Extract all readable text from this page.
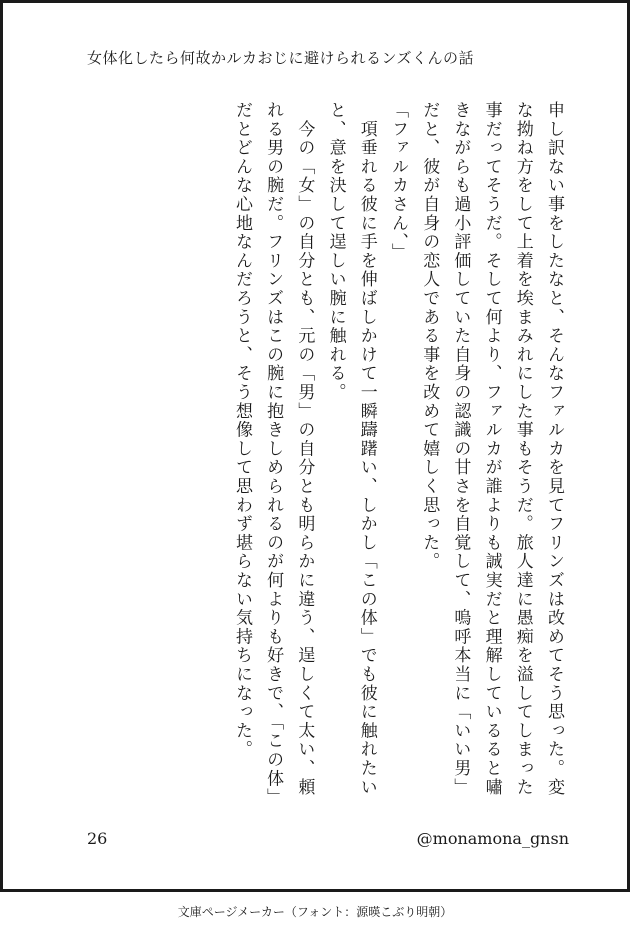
女体化したら何故かルカおじに避けられるンズくんの話

申し訳ない事をしたなと、そんなファルカを見てフリンズは改めてそう思った。変な拗ね方をして上着を埃まみれにした事もそうだ。旅人達に愚痴を溢してしまった事だってそうだ。そして何より、ファルカが誰よりも誠実だと理解しているると嘯きながらも過小評価していた自身の認識の甘さを自覚して、嗚呼本当に「いい男」だと、彼が自身の恋人である事を改めて嬉しく思った。

「ファルカさん、」

　項垂れる彼に手を伸ばしかけて一瞬躊躇い、しかし「この体」でも彼に触れたいと、意を決して逞しい腕に触れる。

　今の「女」の自分とも、元の「男」の自分とも明らかに違う、逞しくて太い、頼れる男の腕だ。フリンズはこの腕に抱きしめられるのが何よりも好きで、「この体」だとどんな心地なんだろうと、そう想像して思わず堪らない気持ちになった。

26	@monamona_gnsn
文庫ページメーカー（フォント：源暎こぶり明朝）
